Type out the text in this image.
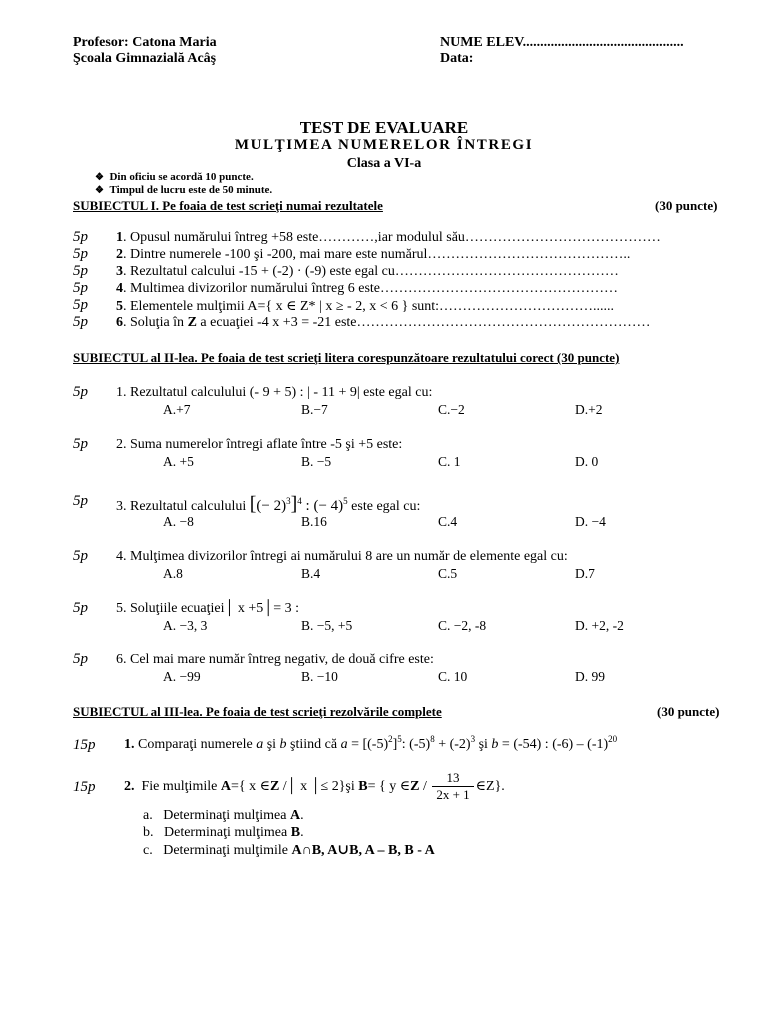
Profesor: Catona Maria
Şcoala Gimnazială Acâş
NUME ELEV..............................................
Data:
TEST DE EVALUARE
MULŢIMEA NUMERELOR ÎNTREGI
Clasa a VI-a
❖ Din oficiu se acordă 10 puncte.
❖ Timpul de lucru este de 50 minute.
SUBIECTUL I. Pe foaia de test scrieţi numai rezultatele	(30 puncte)
5p 1. Opusul numărului întreg +58 este…………,iar modulul său……………………………………
5p 2. Dintre numerele -100 şi -200, mai mare este numărul……………………………………..
5p 3. Rezultatul calcului -15 + (-2) · (-9) este egal cu…………………………………………
5p 4. Multimea divizorilor numărului întreg 6 este……………………………………………
5p 5. Elementele mulţimii A={ x ∈ Z* | x ≥ - 2, x < 6 } sunt:……………………………......
5p 6. Soluţia în Z a ecuaţiei -4 x +3 = -21 este………………………………………………………
SUBIECTUL al II-lea. Pe foaia de test scrieţi litera corespunzătoare rezultatului corect (30 puncte)
5p 1. Rezultatul calculului (- 9 + 5) : | - 11 + 9| este egal cu:
A.+7	B.−7	C.−2	D.+2
5p 2. Suma numerelor întregi aflate între -5 şi +5 este:
A. +5	B. −5	C. 1	D. 0
5p 3. Rezultatul calculului [(− 2)$^3$]$^4$ : (− 4)$^5$ este egal cu:
A. −8	B.16	C.4	D. −4
5p 4. Mulţimea divizorilor întregi ai numărului 8 are un număr de elemente egal cu:
A.8	B.4	C.5	D.7
5p 5. Soluţiile ecuaţiei│ x +5│= 3 :
A. −3, 3	B. −5, +5	C. −2, -8	D. +2, -2
5p 6. Cel mai mare număr întreg negativ, de două cifre este:
A. −99	B. −10	C. 10	D. 99
SUBIECTUL al III-lea. Pe foaia de test scrieţi rezolvările complete	(30 puncte)
15p 1. Comparaţi numerele a şi b ştiind că $a = [(-5)^2]^5$: $(-5)^8 + (-2)^3$ şi b = (-54) : $(-6) - (-1)^{20}$
15p 2. Fie mulţimile A={ x ∈Z /│ x │≤ 2}şi B= { y ∈Z / $\frac{13}{2x + 1}$ ∈Z}.
a. Determinaţi mulţimea A.
b. Determinaţi mulţimea B.
c. Determinaţi mulţimile A∩B, A∪B, A – B, B - A
